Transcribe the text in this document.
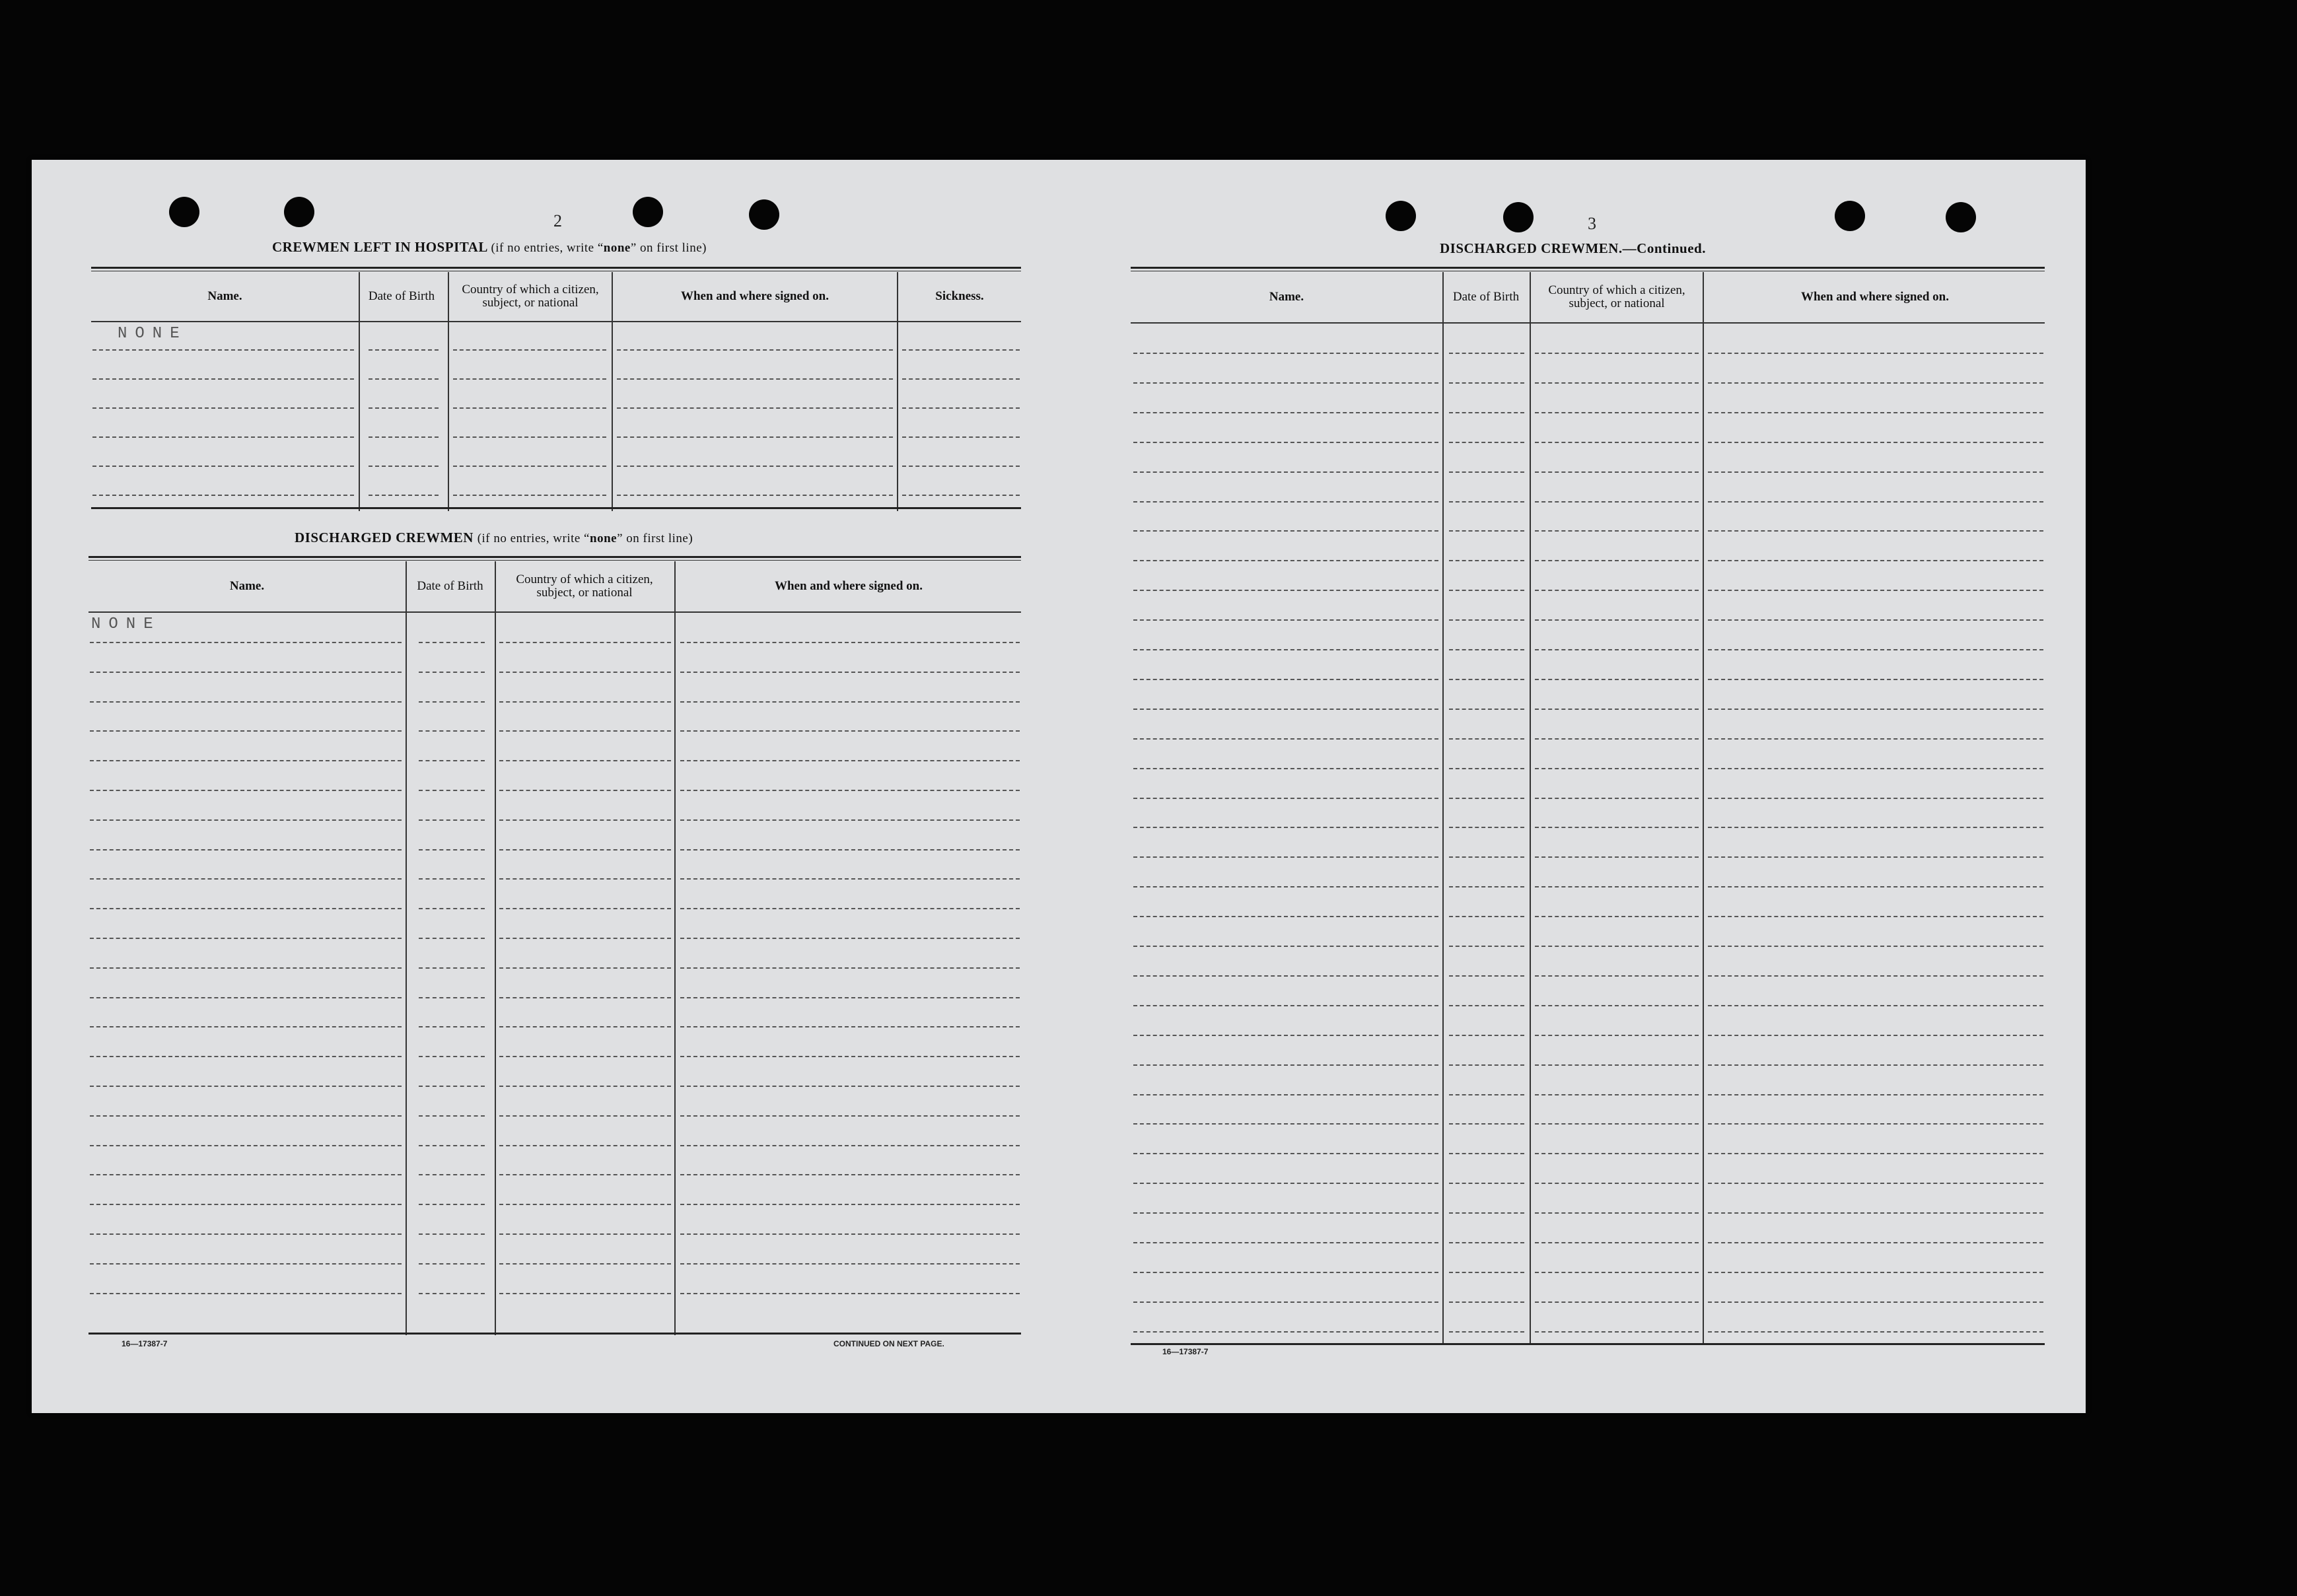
2
CREWMEN LEFT IN HOSPITAL (if no entries, write “none” on first line)
Name.	Date of Birth	Country of which a citizen, subject, or national	When and where signed on.	Sickness.
NONE
DISCHARGED CREWMEN (if no entries, write “none” on first line)
Name.	Date of Birth	Country of which a citizen, subject, or national	When and where signed on.
NONE
16—17387-7	CONTINUED ON NEXT PAGE.
3
DISCHARGED CREWMEN.—Continued.
Name.	Date of Birth	Country of which a citizen, subject, or national	When and where signed on.
16—17387-7
